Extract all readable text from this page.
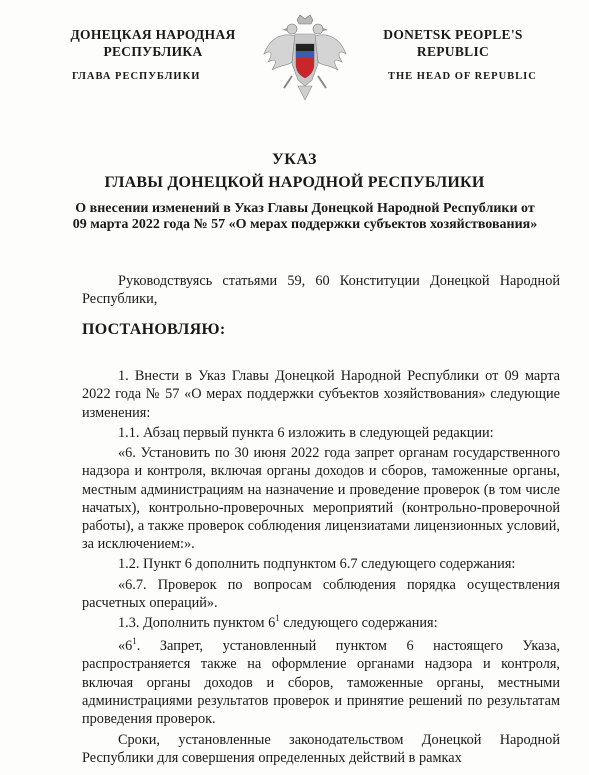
ДОНЕЦКАЯ НАРОДНАЯ РЕСПУБЛИКА
ГЛАВА РЕСПУБЛИКИ
DONETSK PEOPLE'S REPUBLIC
THE HEAD OF REPUBLIC
УКАЗ
ГЛАВЫ ДОНЕЦКОЙ НАРОДНОЙ РЕСПУБЛИКИ
О внесении изменений в Указ Главы Донецкой Народной Республики от 09 марта 2022 года № 57 «О мерах поддержки субъектов хозяйствования»
Руководствуясь статьями 59, 60 Конституции Донецкой Народной Республики,
ПОСТАНОВЛЯЮ:
1. Внести в Указ Главы Донецкой Народной Республики от 09 марта 2022 года № 57 «О мерах поддержки субъектов хозяйствования» следующие изменения:
1.1. Абзац первый пункта 6 изложить в следующей редакции:
«6. Установить по 30 июня 2022 года запрет органам государственного надзора и контроля, включая органы доходов и сборов, таможенные органы, местным администрациям на назначение и проведение проверок (в том числе начатых), контрольно-проверочных мероприятий (контрольно-проверочной работы), а также проверок соблюдения лицензиатами лицензионных условий, за исключением:».
1.2. Пункт 6 дополнить подпунктом 6.7 следующего содержания:
«6.7. Проверок по вопросам соблюдения порядка осуществления расчетных операций».
1.3. Дополнить пунктом $6^1$ следующего содержания:
«$6^1$. Запрет, установленный пунктом 6 настоящего Указа, распространяется также на оформление органами надзора и контроля, включая органы доходов и сборов, таможенные органы, местными администрациями результатов проверок и принятие решений по результатам проведения проверок.
Сроки, установленные законодательством Донецкой Народной Республики для совершения определенных действий в рамках
